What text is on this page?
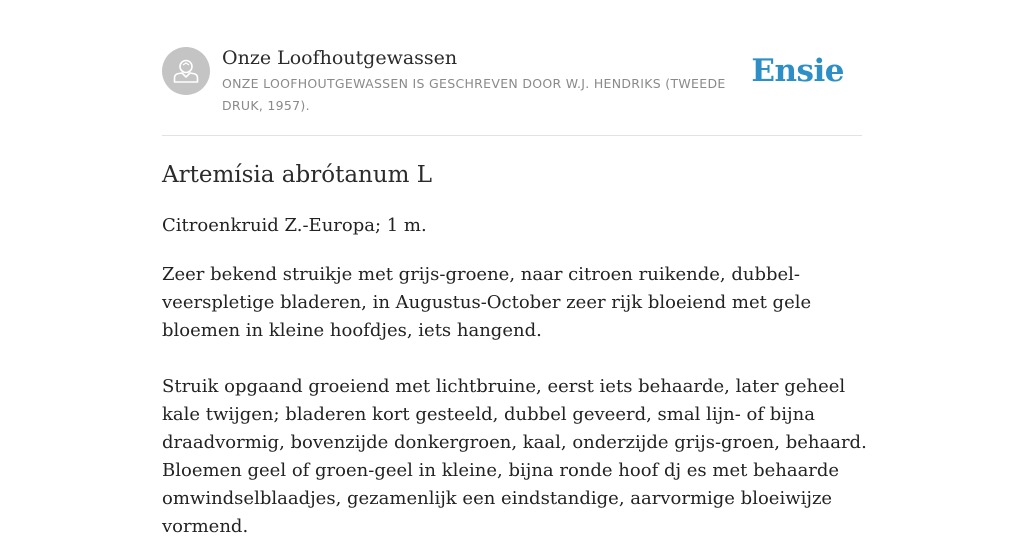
Onze Loofhoutgewassen
ONZE LOOFHOUTGEWASSEN IS GESCHREVEN DOOR W.J. HENDRIKS (TWEEDE DRUK, 1957).
Ensie
Artemísia abrótanum L

Citroenkruid Z.-Europa; 1 m.

Zeer bekend struikje met grijs-groene, naar citroen ruikende, dubbel-veerspletige bladeren, in Augustus-October zeer rijk bloeiend met gele bloemen in kleine hoofdjes, iets hangend.

Struik opgaand groeiend met lichtbruine, eerst iets behaarde, later geheel kale twijgen; bladeren kort gesteeld, dubbel geveerd, smal lijn- of bijna draadvormig, bovenzijde donkergroen, kaal, onderzijde grijs-groen, behaard. Bloemen geel of groen-geel in kleine, bijna ronde hoof dj es met behaarde omwindselblaadjes, gezamenlijk een eindstandige, aarvormige bloeiwijze vormend.
